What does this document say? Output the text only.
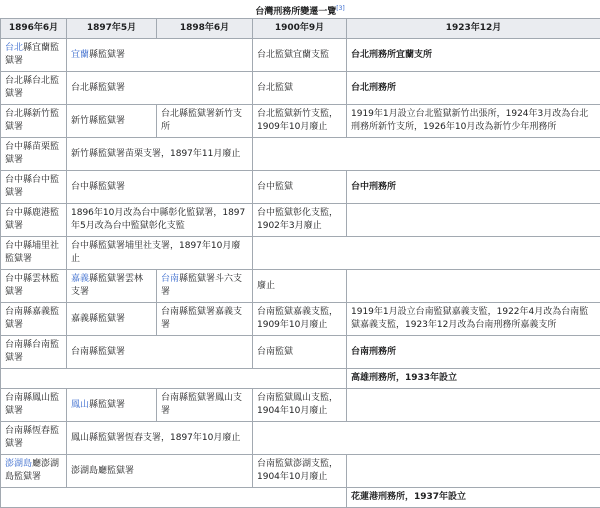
台灣刑務所變遷一覽[3]
1896年6月	1897年5月	1898年6月	1900年9月	1923年12月
台北縣宜蘭監獄署	宜蘭縣監獄署		台北監獄宜蘭支監	台北刑務所宜蘭支所
台北縣台北監獄署	台北縣監獄署		台北監獄	台北刑務所
台北縣新竹監獄署	新竹縣監獄署	台北縣監獄署新竹支所	台北監獄新竹支監，1909年10月廢止	1919年1月設立台北監獄新竹出張所，1924年3月改為台北刑務所新竹支所，1926年10月改為新竹少年刑務所
台中縣苗栗監獄署	新竹縣監獄署苗栗支署，1897年11月廢止			
台中縣台中監獄署	台中縣監獄署		台中監獄	台中刑務所
台中縣鹿港監獄署	1896年10月改為台中縣彰化監獄署，1897年5月改為台中監獄彰化支監		台中監獄彰化支監，1902年3月廢止	
台中縣埔里社監獄署	台中縣監獄署埔里社支署，1897年10月廢止			
台中縣雲林監獄署	嘉義縣監獄署雲林支署	台南縣監獄署斗六支署	廢止	
台南縣嘉義監獄署	嘉義縣監獄署	台南縣監獄署嘉義支署	台南監獄嘉義支監，1909年10月廢止	1919年1月設立台南監獄嘉義支監，1922年4月改為台南監獄嘉義支監，1923年12月改為台南刑務所嘉義支所
台南縣台南監獄署	台南縣監獄署		台南監獄	台南刑務所
				高雄刑務所，1933年設立
台南縣鳳山監獄署	鳳山縣監獄署	台南縣監獄署鳳山支署	台南監獄鳳山支監，1904年10月廢止	
台南縣恆春監獄署	鳳山縣監獄署恆春支署，1897年10月廢止			
澎湖島廳澎湖島監獄署	澎湖島廳監獄署		台南監獄澎湖支監，1904年10月廢止	
				花蓮港刑務所，1937年設立
